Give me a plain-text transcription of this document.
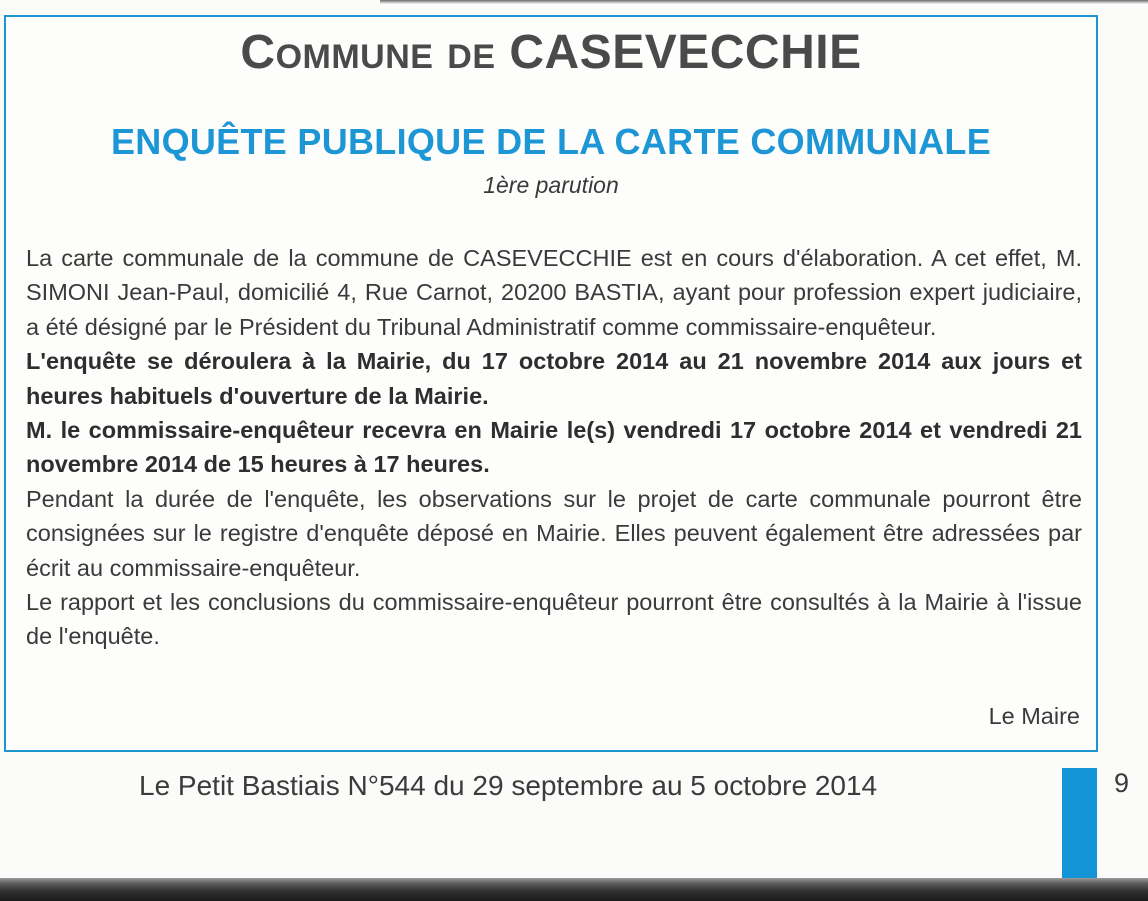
Commune de CASEVECCHIE
ENQUÊTE PUBLIQUE DE LA CARTE COMMUNALE
1ère parution

La carte communale de la commune de CASEVECCHIE est en cours d'élaboration. A cet effet, M. SIMONI Jean-Paul, domicilié 4, Rue Carnot, 20200 BASTIA, ayant pour profession expert judiciaire, a été désigné par le Président du Tribunal Administratif comme commissaire-enquêteur.

L'enquête se déroulera à la Mairie, du 17 octobre 2014 au 21 novembre 2014 aux jours et heures habituels d'ouverture de la Mairie.

M. le commissaire-enquêteur recevra en Mairie le(s) vendredi 17 octobre 2014 et vendredi 21 novembre 2014 de 15 heures à 17 heures.

Pendant la durée de l'enquête, les observations sur le projet de carte communale pourront être consignées sur le registre d'enquête déposé en Mairie. Elles peuvent également être adressées par écrit au commissaire-enquêteur.

Le rapport et les conclusions du commissaire-enquêteur pourront être consultés à la Mairie à l'issue de l'enquête.

Le Maire
Le Petit Bastiais N°544 du 29 septembre au 5 octobre 2014	9
